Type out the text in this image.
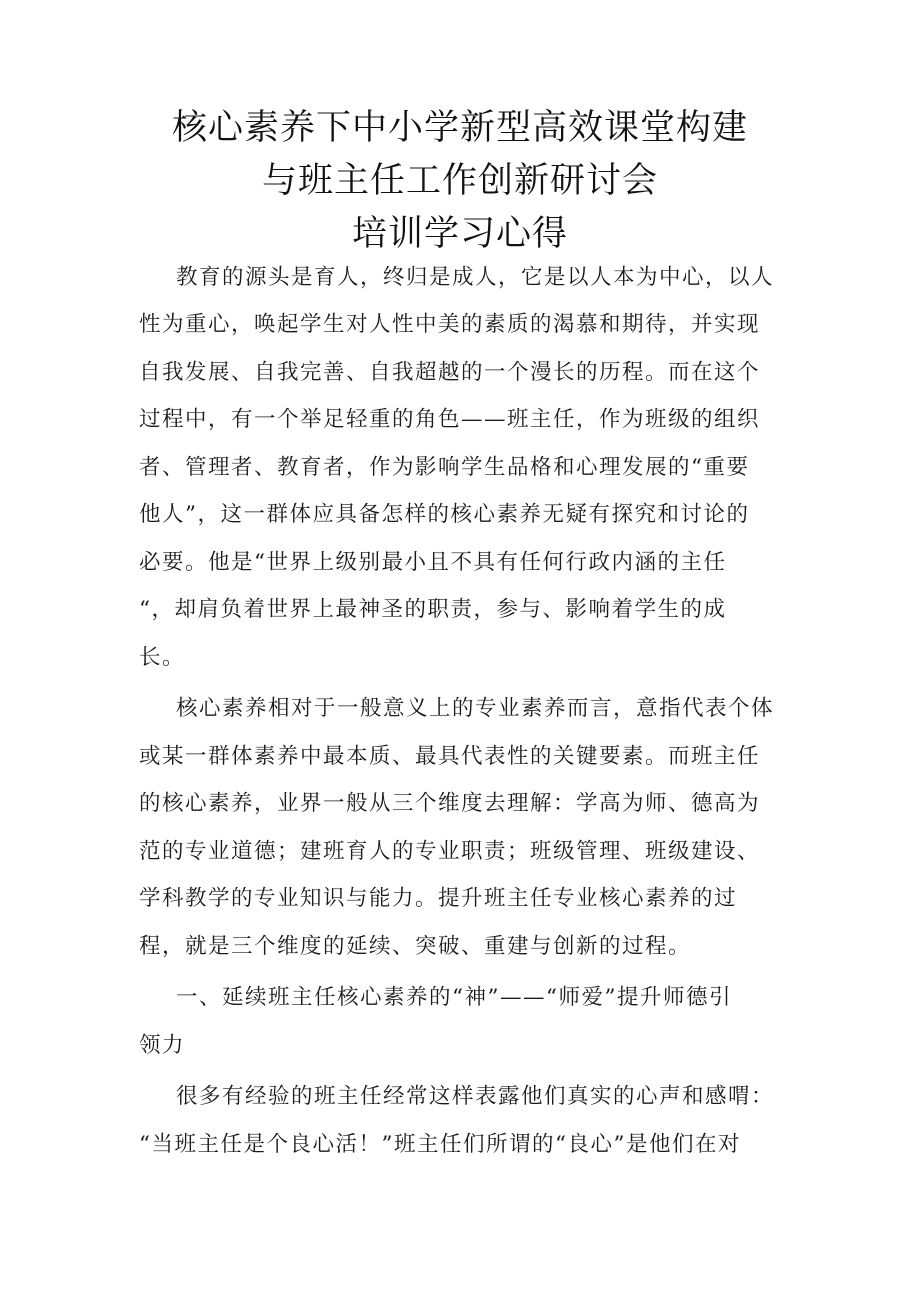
核心素养下中小学新型高效课堂构建
与班主任工作创新研讨会
培训学习心得
教育的源头是育人，终归是成人，它是以人本为中心，以人
性为重心，唤起学生对人性中美的素质的渴慕和期待，并实现
自我发展、自我完善、自我超越的一个漫长的历程。而在这个
过程中，有一个举足轻重的角色——班主任，作为班级的组织
者、管理者、教育者，作为影响学生品格和心理发展的“重要
他人”，这一群体应具备怎样的核心素养无疑有探究和讨论的
必要。他是“世界上级别最小且不具有任何行政内涵的主任
“，却肩负着世界上最神圣的职责，参与、影响着学生的成
长。
核心素养相对于一般意义上的专业素养而言，意指代表个体
或某一群体素养中最本质、最具代表性的关键要素。而班主任
的核心素养，业界一般从三个维度去理解：学高为师、德高为
范的专业道德；建班育人的专业职责；班级管理、班级建设、
学科教学的专业知识与能力。提升班主任专业核心素养的过
程，就是三个维度的延续、突破、重建与创新的过程。
一、延续班主任核心素养的“神”——“师爱”提升师德引
领力
很多有经验的班主任经常这样表露他们真实的心声和感喟：
“当班主任是个良心活！”班主任们所谓的“良心”是他们在对
